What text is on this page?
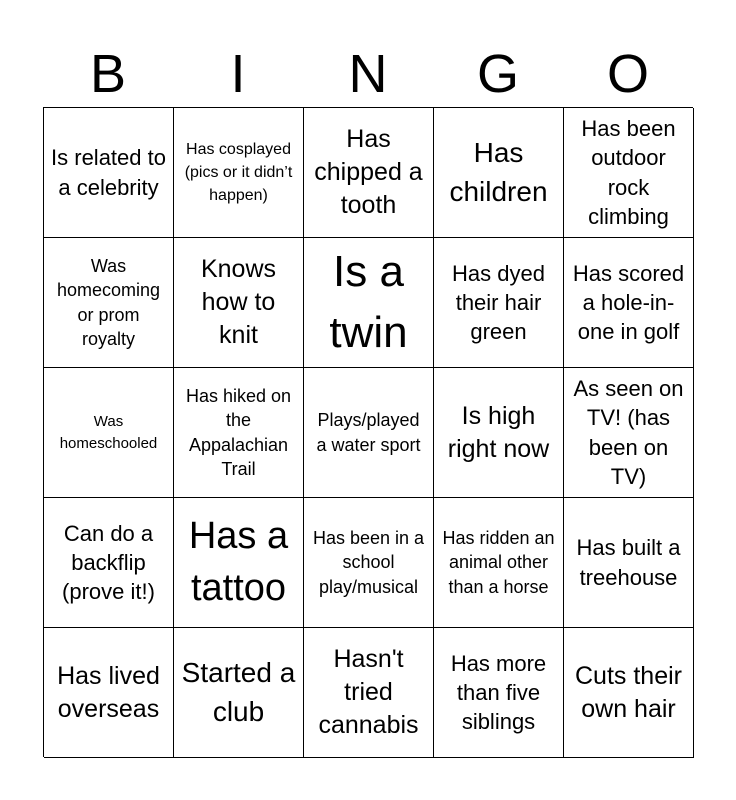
B	I	N	G	O
Is related to a celebrity
Has cosplayed (pics or it didn’t happen)
Has chipped a tooth
Has children
Has been outdoor rock climbing
Was homecoming or prom royalty
Knows how to knit
Is a twin
Has dyed their hair green
Has scored a hole-in-one in golf
Was homeschooled
Has hiked on the Appalachian Trail
Plays/played a water sport
Is high right now
As seen on TV! (has been on TV)
Can do a backflip (prove it!)
Has a tattoo
Has been in a school play/musical
Has ridden an animal other than a horse
Has built a treehouse
Has lived overseas
Started a club
Hasn't tried cannabis
Has more than five siblings
Cuts their own hair
